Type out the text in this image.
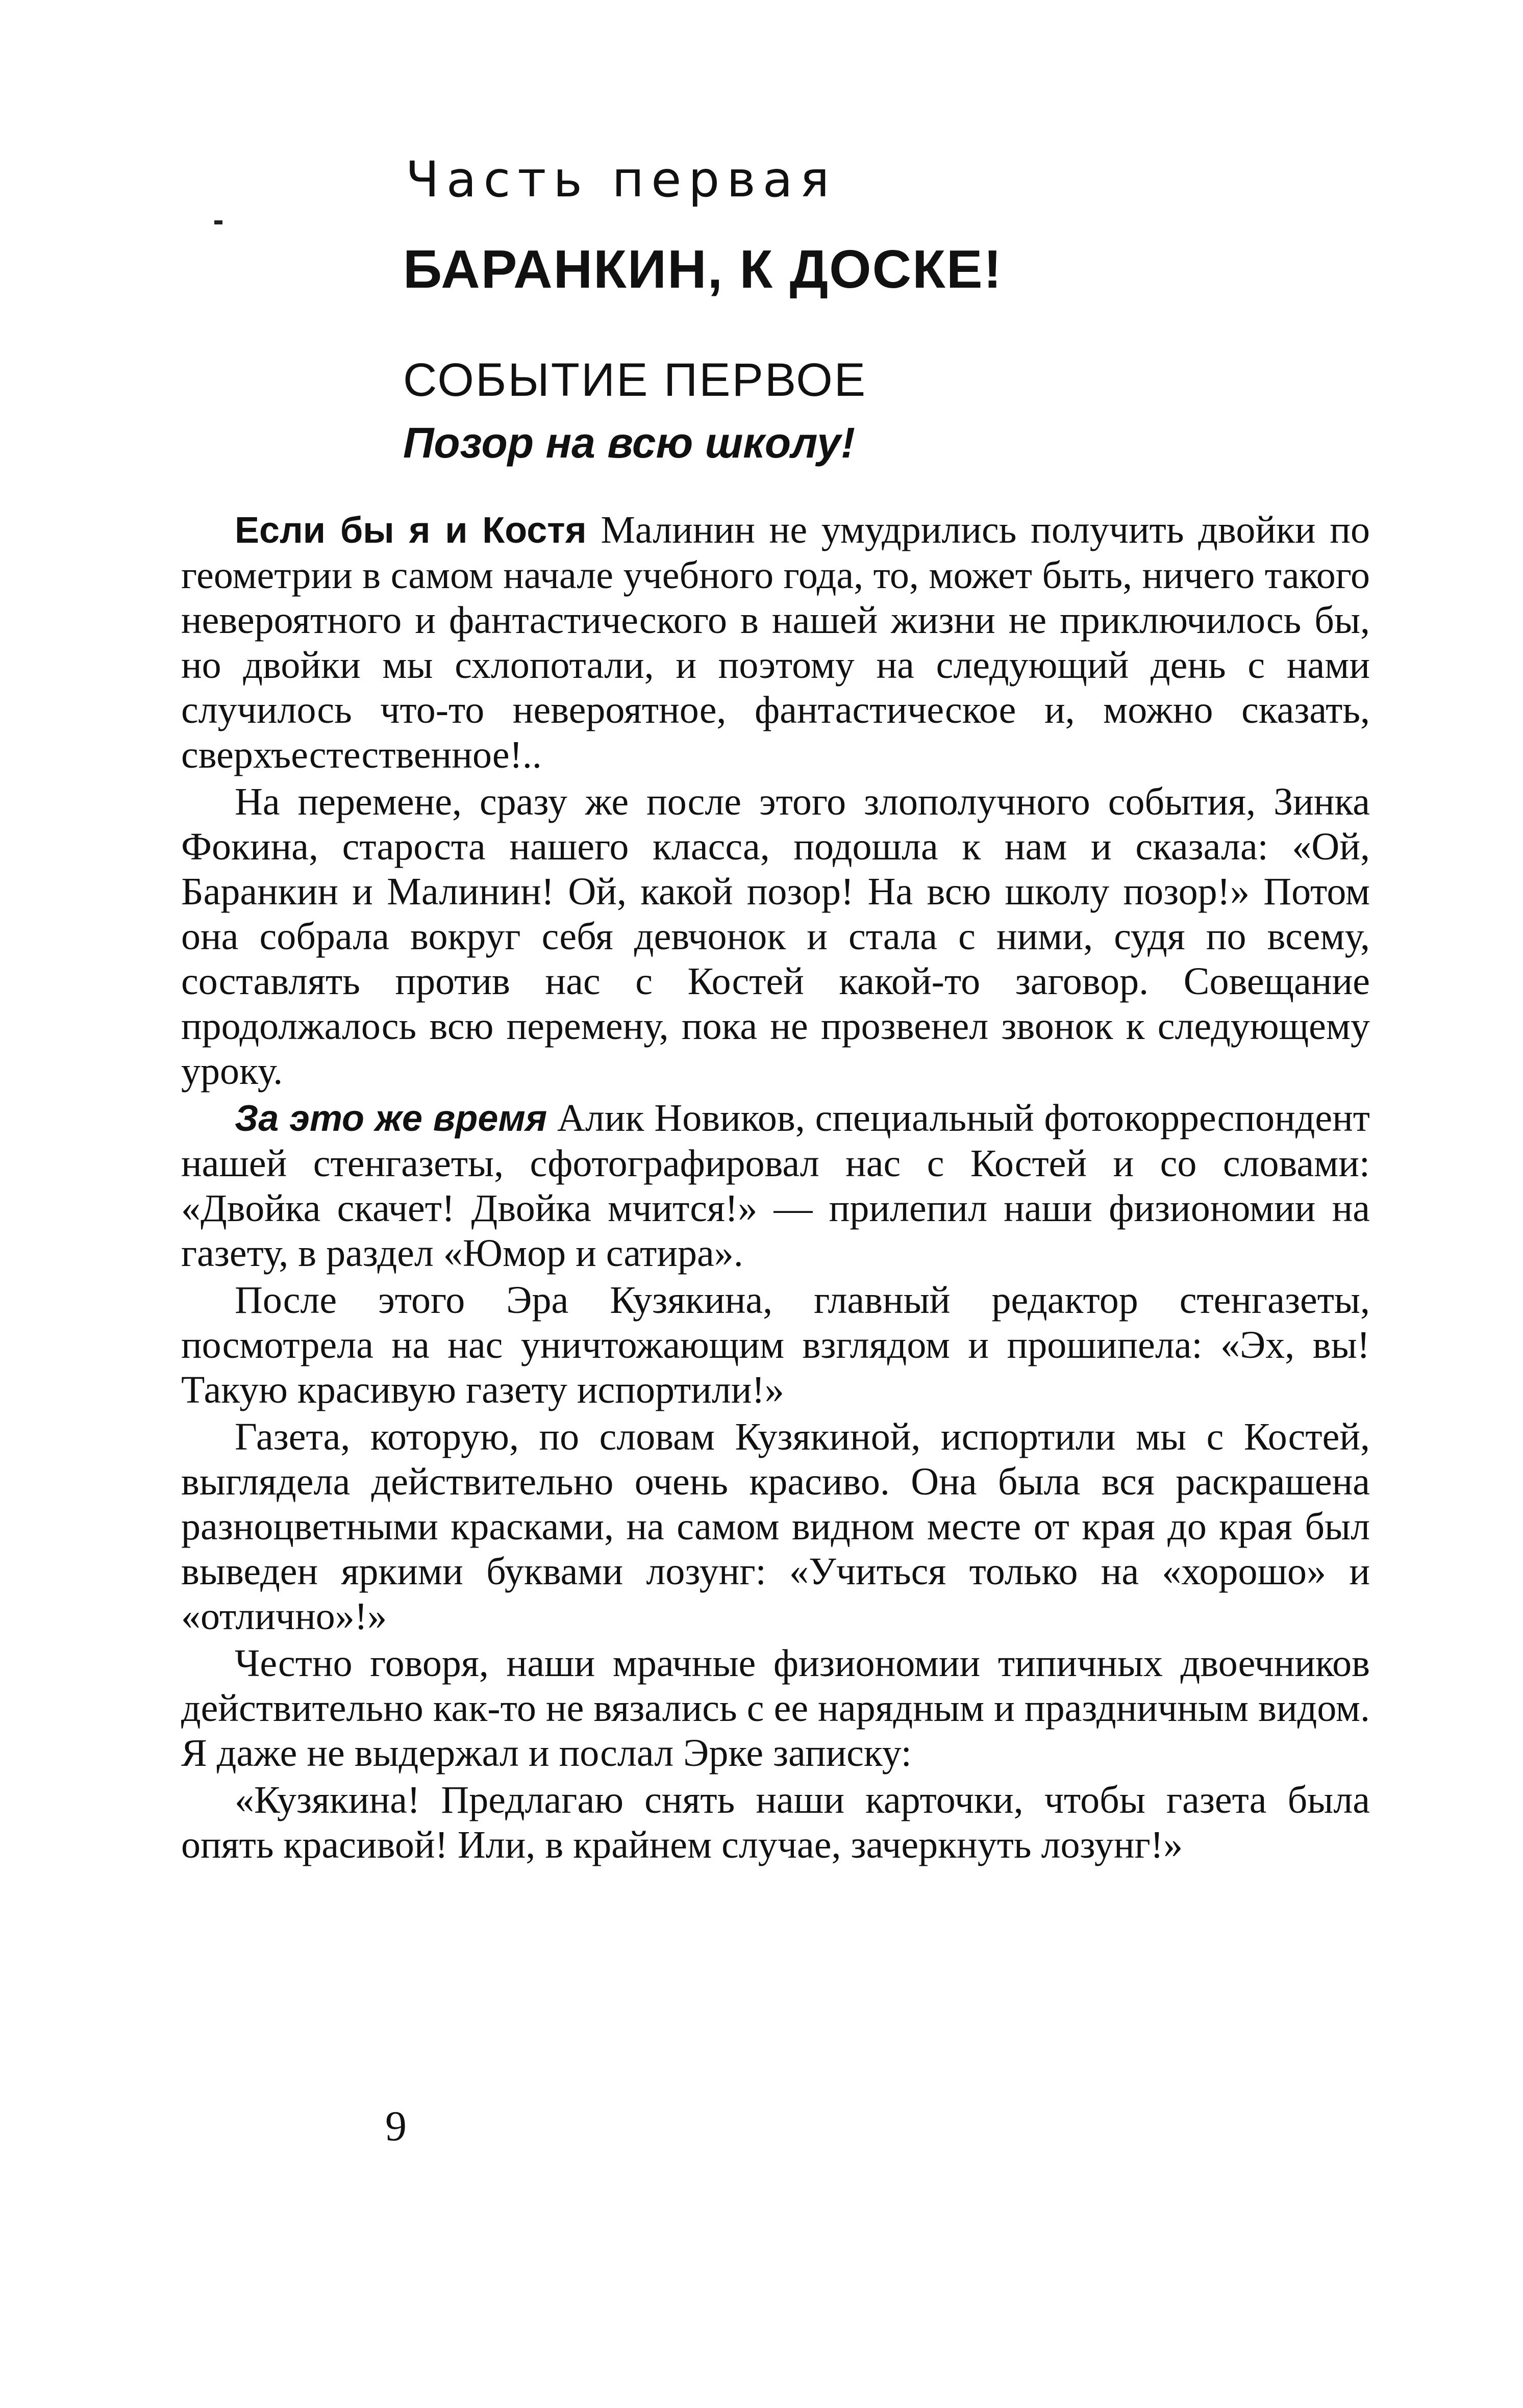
Часть первая
БАРАНКИН, К ДОСКЕ!
СОБЫТИЕ ПЕРВОЕ
Позор на всю школу!

Если бы я и Костя Малинин не умудрились получить двойки по геометрии в самом начале учебного года, то, может быть, ничего такого невероятного и фантастического в нашей жизни не приключилось бы, но двойки мы схлопотали, и поэтому на следующий день с нами случилось что-то невероятное, фантастическое и, можно сказать, сверхъестественное!..

На перемене, сразу же после этого злополучного события, Зинка Фокина, староста нашего класса, подошла к нам и сказала: «Ой, Баранкин и Малинин! Ой, какой позор! На всю школу позор!» Потом она собрала вокруг себя девчонок и стала с ними, судя по всему, составлять против нас с Костей какой-то заговор. Совещание продолжалось всю перемену, пока не прозвенел звонок к следующему уроку.

За это же время Алик Новиков, специальный фотокорреспондент нашей стенгазеты, сфотографировал нас с Костей и со словами: «Двойка скачет! Двойка мчится!» — прилепил наши физиономии на газету, в раздел «Юмор и сатира».

После этого Эра Кузякина, главный редактор стенгазеты, посмотрела на нас уничтожающим взглядом и прошипела: «Эх, вы! Такую красивую газету испортили!»

Газета, которую, по словам Кузякиной, испортили мы с Костей, выглядела действительно очень красиво. Она была вся раскрашена разноцветными красками, на самом видном месте от края до края был выведен яркими буквами лозунг: «Учиться только на «хорошо» и «отлично»!»

Честно говоря, наши мрачные физиономии типичных двоечников действительно как-то не вязались с ее нарядным и праздничным видом. Я даже не выдержал и послал Эрке записку:

«Кузякина! Предлагаю снять наши карточки, чтобы газета была опять красивой! Или, в крайнем случае, зачеркнуть лозунг!»

9
